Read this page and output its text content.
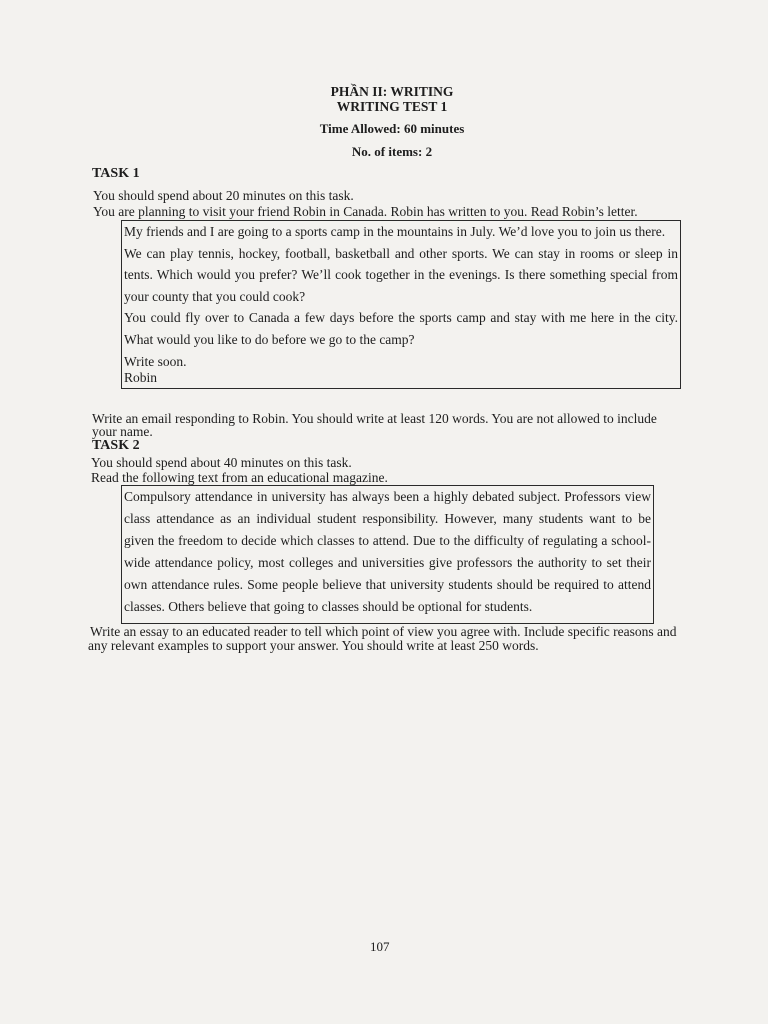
PHẦN II: WRITING

WRITING TEST 1

Time Allowed: 60 minutes

No. of items: 2

TASK 1

You should spend about 20 minutes on this task.

You are planning to visit your friend Robin in Canada. Robin has written to you. Read Robin’s letter.

My friends and I are going to a sports camp in the mountains in July. We’d love you to join us there.

We can play tennis, hockey, football, basketball and other sports. We can stay in rooms or sleep in tents. Which would you prefer? We’ll cook together in the evenings. Is there something special from your county that you could cook?

You could fly over to Canada a few days before the sports camp and stay with me here in the city. What would you like to do before we go to the camp?

Write soon.

Robin

Write an email responding to Robin. You should write at least 120 words. You are not allowed to include

your name.

TASK 2

You should spend about 40 minutes on this task.

Read the following text from an educational magazine.

Compulsory attendance in university has always been a highly debated subject. Professors view class attendance as an individual student responsibility. However, many students want to be given the freedom to decide which classes to attend. Due to the difficulty of regulating a school-wide attendance policy, most colleges and universities give professors the authority to set their own attendance rules. Some people believe that university students should be required to attend classes. Others believe that going to classes should be optional for students.

Write an essay to an educated reader to tell which point of view you agree with. Include specific reasons and

any relevant examples to support your answer. You should write at least 250 words.

107
